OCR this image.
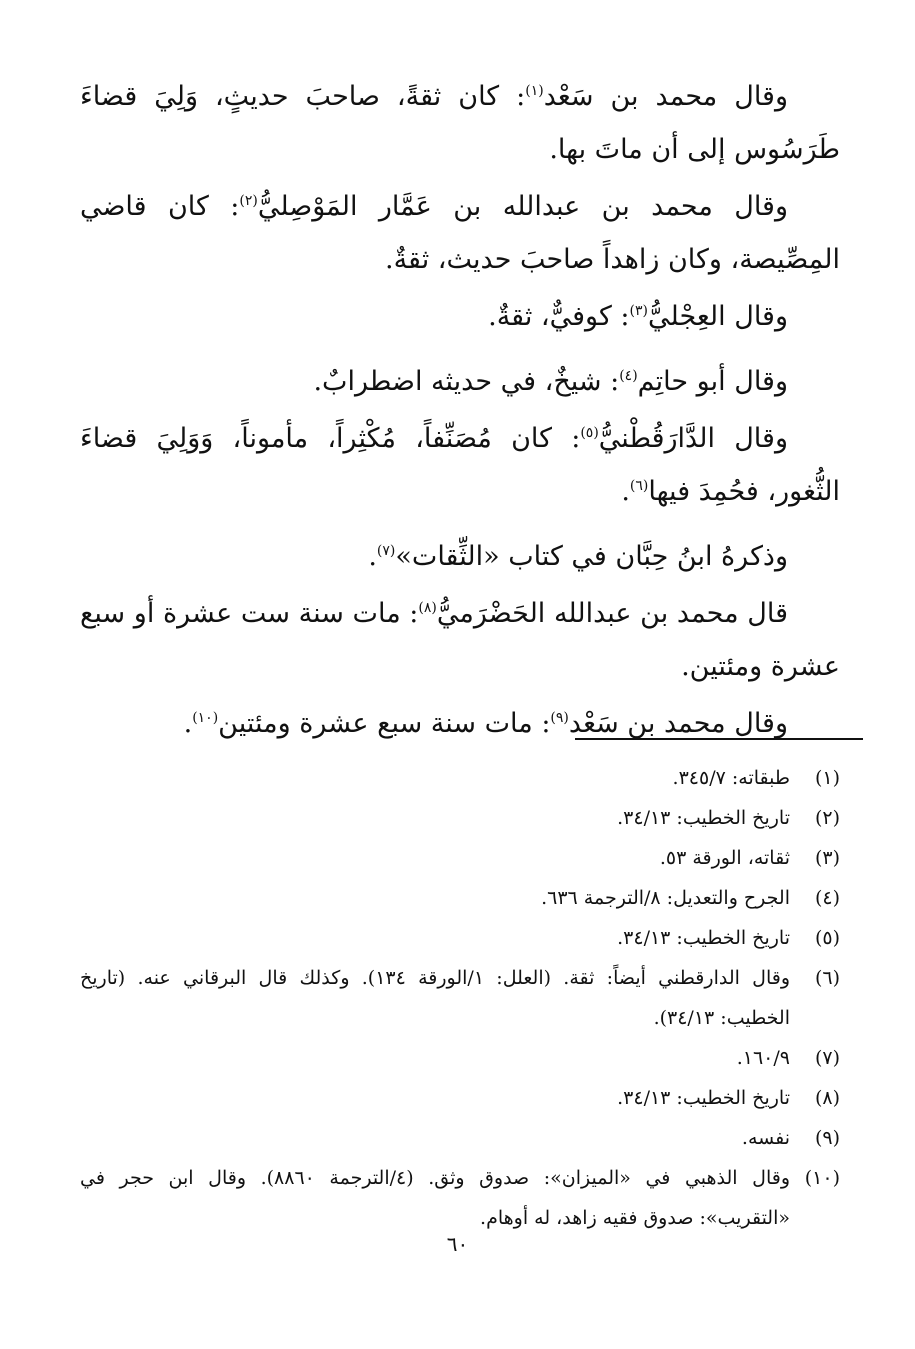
وقال محمد بن سَعْد$^{(١)}$: كان ثقةً، صاحبَ حديثٍ، وَلِيَ قضاءَ طَرَسُوس إلى أن ماتَ بها.

وقال محمد بن عبدالله بن عَمَّار المَوْصِليُّ$^{(٢)}$: كان قاضي المِصِّيصة، وكان زاهداً صاحبَ حديث، ثقةٌ.

وقال العِجْليُّ$^{(٣)}$: كوفيٌّ، ثقةٌ.

وقال أبو حاتِم$^{(٤)}$: شيخٌ، في حديثه اضطرابٌ.

وقال الدَّارَقُطْنيُّ$^{(٥)}$: كان مُصَنِّفاً، مُكْثِراً، مأموناً، وَوَلِيَ قضاءَ الثُّغور، فحُمِدَ فيها$^{(٦)}$.

وذكرهُ ابنُ حِبَّان في كتاب «الثِّقات»$^{(٧)}$.

قال محمد بن عبدالله الحَضْرَميُّ$^{(٨)}$: مات سنة ست عشرة أو سبع عشرة ومئتين.

وقال محمد بن سَعْد$^{(٩)}$: مات سنة سبع عشرة ومئتين$^{(١٠)}$.

(١)
طبقاته: ٣٤٥/٧.
(٢)
تاريخ الخطيب: ٣٤/١٣.
(٣)
ثقاته، الورقة ٥٣.
(٤)
الجرح والتعديل: ٨/الترجمة ٦٣٦.
(٥)
تاريخ الخطيب: ٣٤/١٣.
(٦)
وقال الدارقطني أيضاً: ثقة. (العلل: ١/الورقة ١٣٤). وكذلك قال البرقاني عنه. (تاريخ الخطيب: ٣٤/١٣).
(٧)
١٦٠/٩.
(٨)
تاريخ الخطيب: ٣٤/١٣.
(٩)
نفسه.
(١٠)
وقال الذهبي في «الميزان»: صدوق وثق. (٤/الترجمة ٨٨٦٠). وقال ابن حجر في «التقريب»: صدوق فقيه زاهد، له أوهام.
٦٠
